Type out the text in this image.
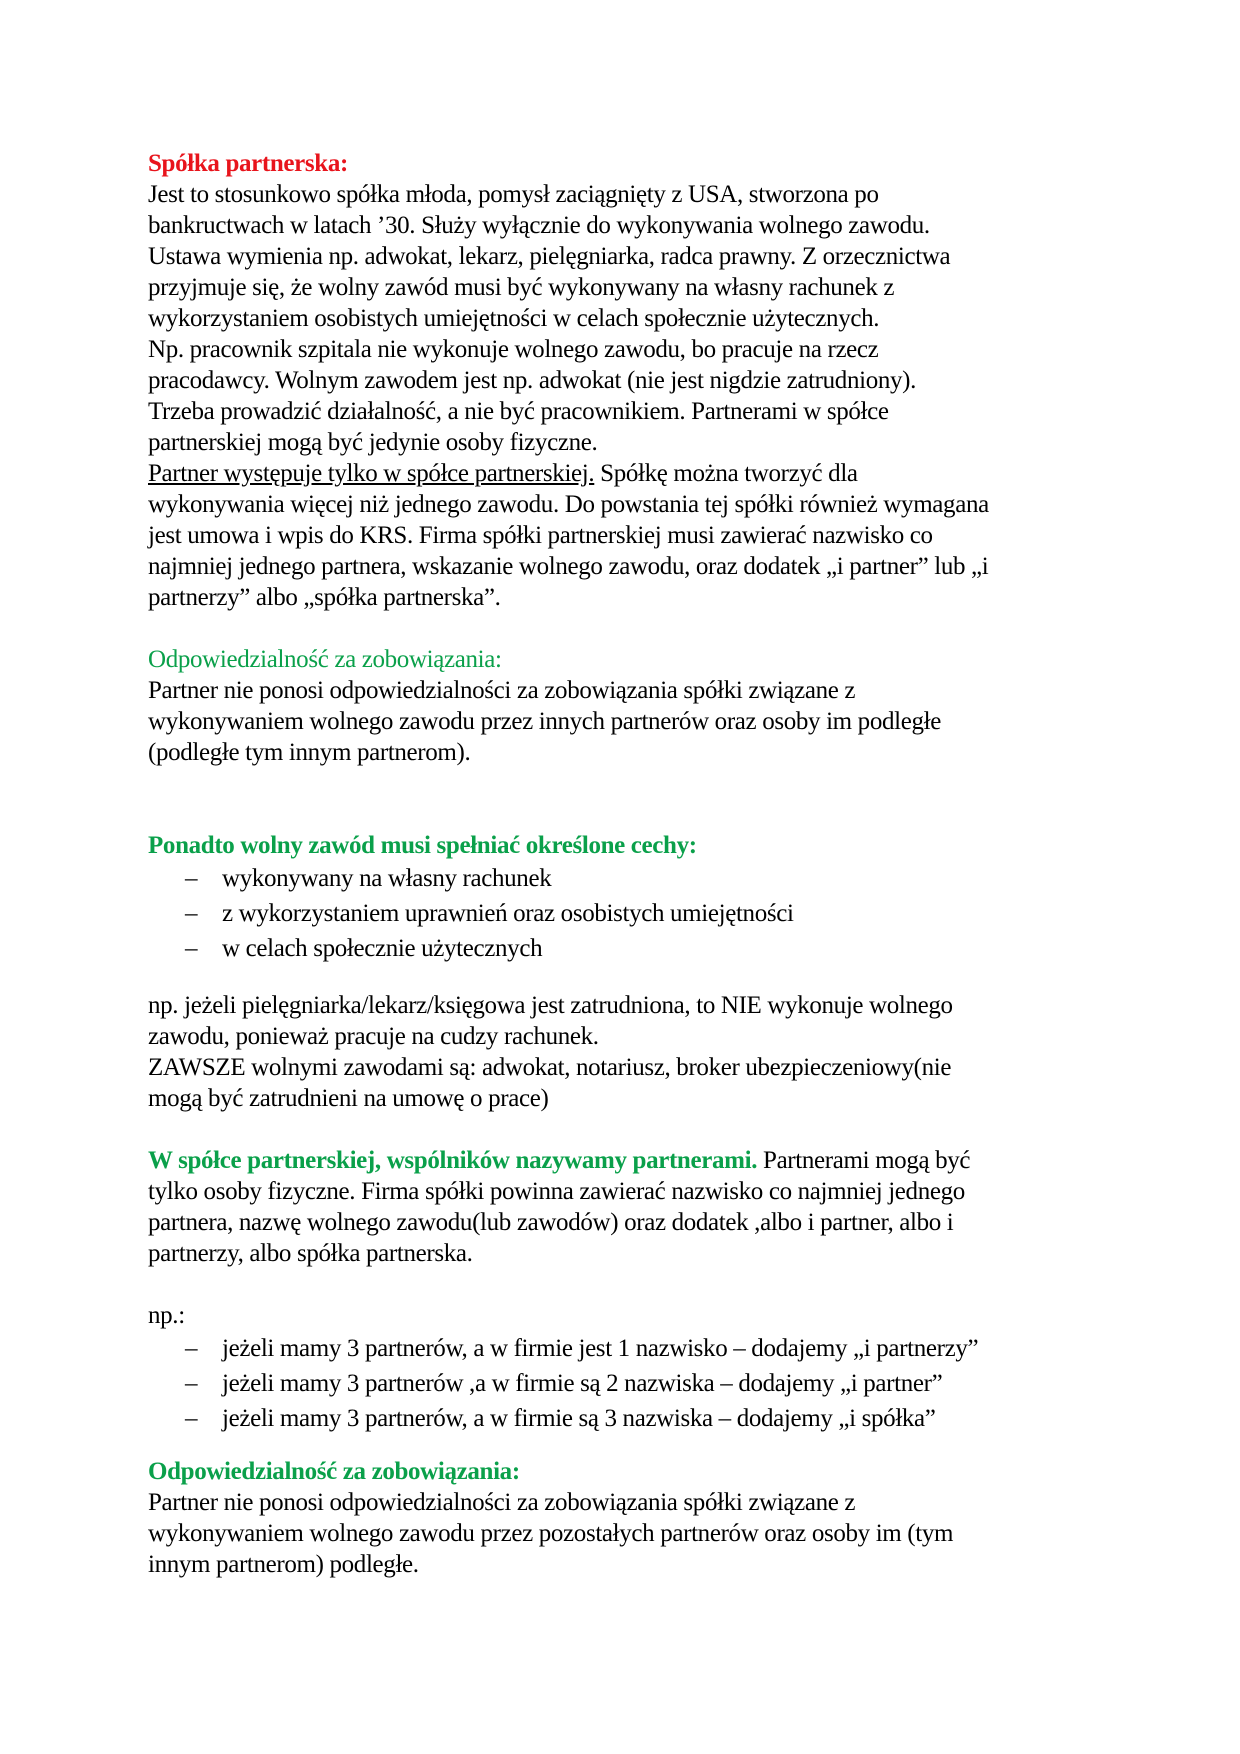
Spółka partnerska:

Jest to stosunkowo spółka młoda, pomysł zaciągnięty z USA, stworzona po

bankructwach w latach ’30. Służy wyłącznie do wykonywania wolnego zawodu.

Ustawa wymienia np. adwokat, lekarz, pielęgniarka, radca prawny. Z orzecznictwa

przyjmuje się, że wolny zawód musi być wykonywany na własny rachunek z

wykorzystaniem osobistych umiejętności w celach społecznie użytecznych.

Np. pracownik szpitala nie wykonuje wolnego zawodu, bo pracuje na rzecz

pracodawcy. Wolnym zawodem jest np. adwokat (nie jest nigdzie zatrudniony).

Trzeba prowadzić działalność, a nie być pracownikiem. Partnerami w spółce

partnerskiej mogą być jedynie osoby fizyczne.

Partner występuje tylko w spółce partnerskiej. Spółkę można tworzyć dla

wykonywania więcej niż jednego zawodu. Do powstania tej spółki również wymagana

jest umowa i wpis do KRS. Firma spółki partnerskiej musi zawierać nazwisko co

najmniej jednego partnera, wskazanie wolnego zawodu, oraz dodatek „i partner” lub „i

partnerzy” albo „spółka partnerska”.

Odpowiedzialność za zobowiązania:

Partner nie ponosi odpowiedzialności za zobowiązania spółki związane z

wykonywaniem wolnego zawodu przez innych partnerów oraz osoby im podległe

(podległe tym innym partnerom).

Ponadto wolny zawód musi spełniać określone cechy:

– wykonywany na własny rachunek
– z wykorzystaniem uprawnień oraz osobistych umiejętności
– w celach społecznie użytecznych

np. jeżeli pielęgniarka/lekarz/księgowa jest zatrudniona, to NIE wykonuje wolnego

zawodu, ponieważ pracuje na cudzy rachunek.

ZAWSZE wolnymi zawodami są: adwokat, notariusz, broker ubezpieczeniowy(nie

mogą być zatrudnieni na umowę o prace)

W spółce partnerskiej, wspólników nazywamy partnerami. Partnerami mogą być

tylko osoby fizyczne. Firma spółki powinna zawierać nazwisko co najmniej jednego

partnera, nazwę wolnego zawodu(lub zawodów) oraz dodatek ,albo i partner, albo i

partnerzy, albo spółka partnerska.

np.:

– jeżeli mamy 3 partnerów, a w firmie jest 1 nazwisko – dodajemy „i partnerzy”
– jeżeli mamy 3 partnerów ,a w firmie są 2 nazwiska – dodajemy „i partner”
– jeżeli mamy 3 partnerów, a w firmie są 3 nazwiska – dodajemy „i spółka”

Odpowiedzialność za zobowiązania:

Partner nie ponosi odpowiedzialności za zobowiązania spółki związane z

wykonywaniem wolnego zawodu przez pozostałych partnerów oraz osoby im (tym

innym partnerom) podległe.
